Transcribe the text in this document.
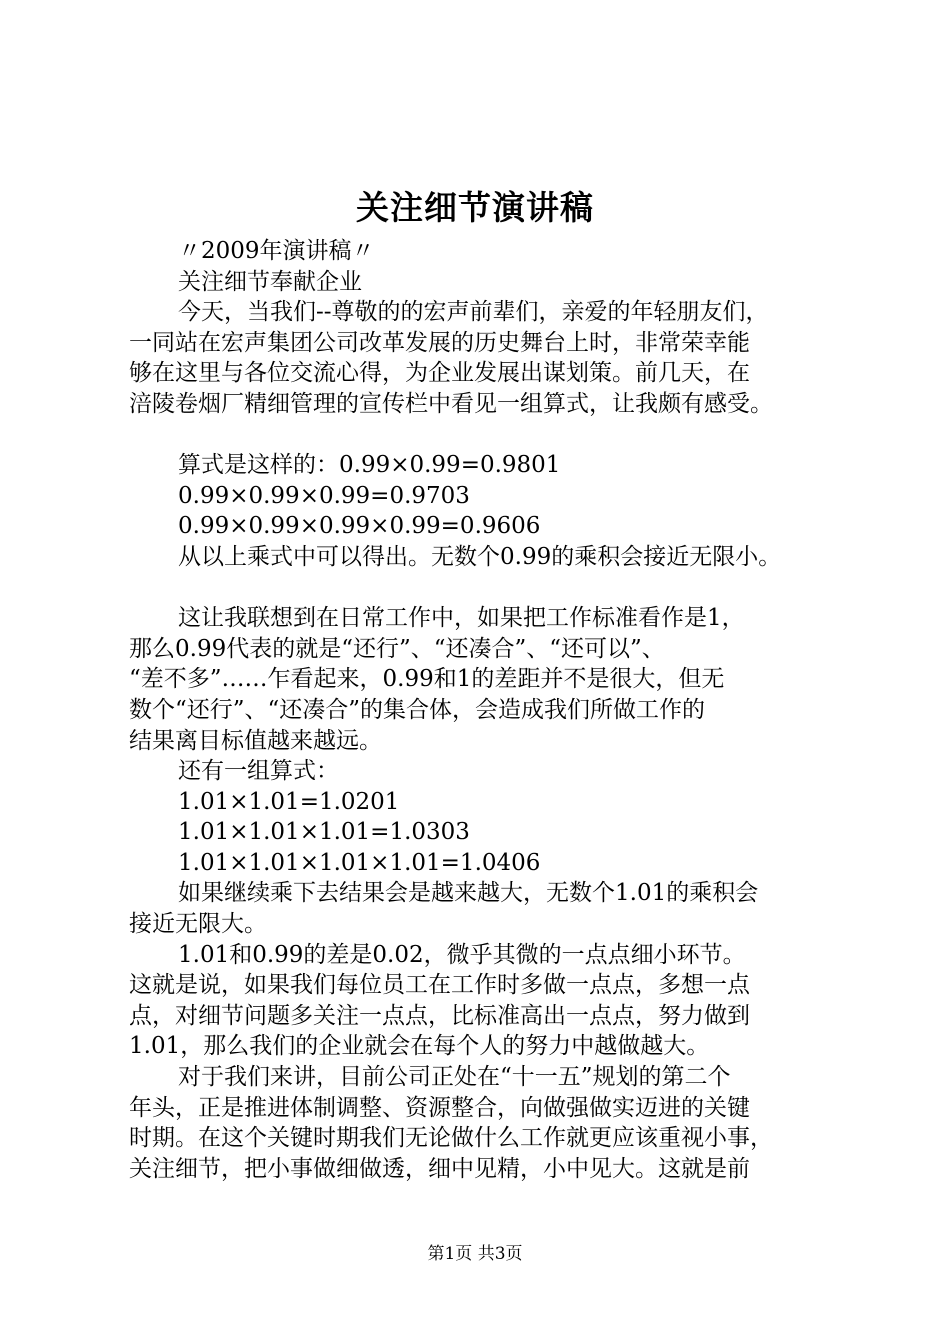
关注细节演讲稿
〃2009年演讲稿〃
关注细节奉献企业
今天，当我们--尊敬的的宏声前辈们，亲爱的年轻朋友们，
一同站在宏声集团公司改革发展的历史舞台上时，非常荣幸能
够在这里与各位交流心得，为企业发展出谋划策。前几天，在
涪陵卷烟厂精细管理的宣传栏中看见一组算式，让我颇有感受。
算式是这样的：0.99×0.99=0.9801
0.99×0.99×0.99=0.9703
0.99×0.99×0.99×0.99=0.9606
从以上乘式中可以得出。无数个0.99的乘积会接近无限小。
这让我联想到在日常工作中，如果把工作标准看作是1，
那么0.99代表的就是“还行”、“还凑合”、“还可以”、
“差不多”……乍看起来，0.99和1的差距并不是很大，但无
数个“还行”、“还凑合”的集合体，会造成我们所做工作的
结果离目标值越来越远。
还有一组算式：
1.01×1.01=1.0201
1.01×1.01×1.01=1.0303
1.01×1.01×1.01×1.01=1.0406
如果继续乘下去结果会是越来越大，无数个1.01的乘积会
接近无限大。
1.01和0.99的差是0.02，微乎其微的一点点细小环节。
这就是说，如果我们每位员工在工作时多做一点点，多想一点
点，对细节问题多关注一点点，比标准高出一点点，努力做到
1.01，那么我们的企业就会在每个人的努力中越做越大。
对于我们来讲，目前公司正处在“十一五”规划的第二个
年头，正是推进体制调整、资源整合，向做强做实迈进的关键
时期。在这个关键时期我们无论做什么工作就更应该重视小事，
关注细节，把小事做细做透，细中见精，小中见大。这就是前
第1页 共3页
